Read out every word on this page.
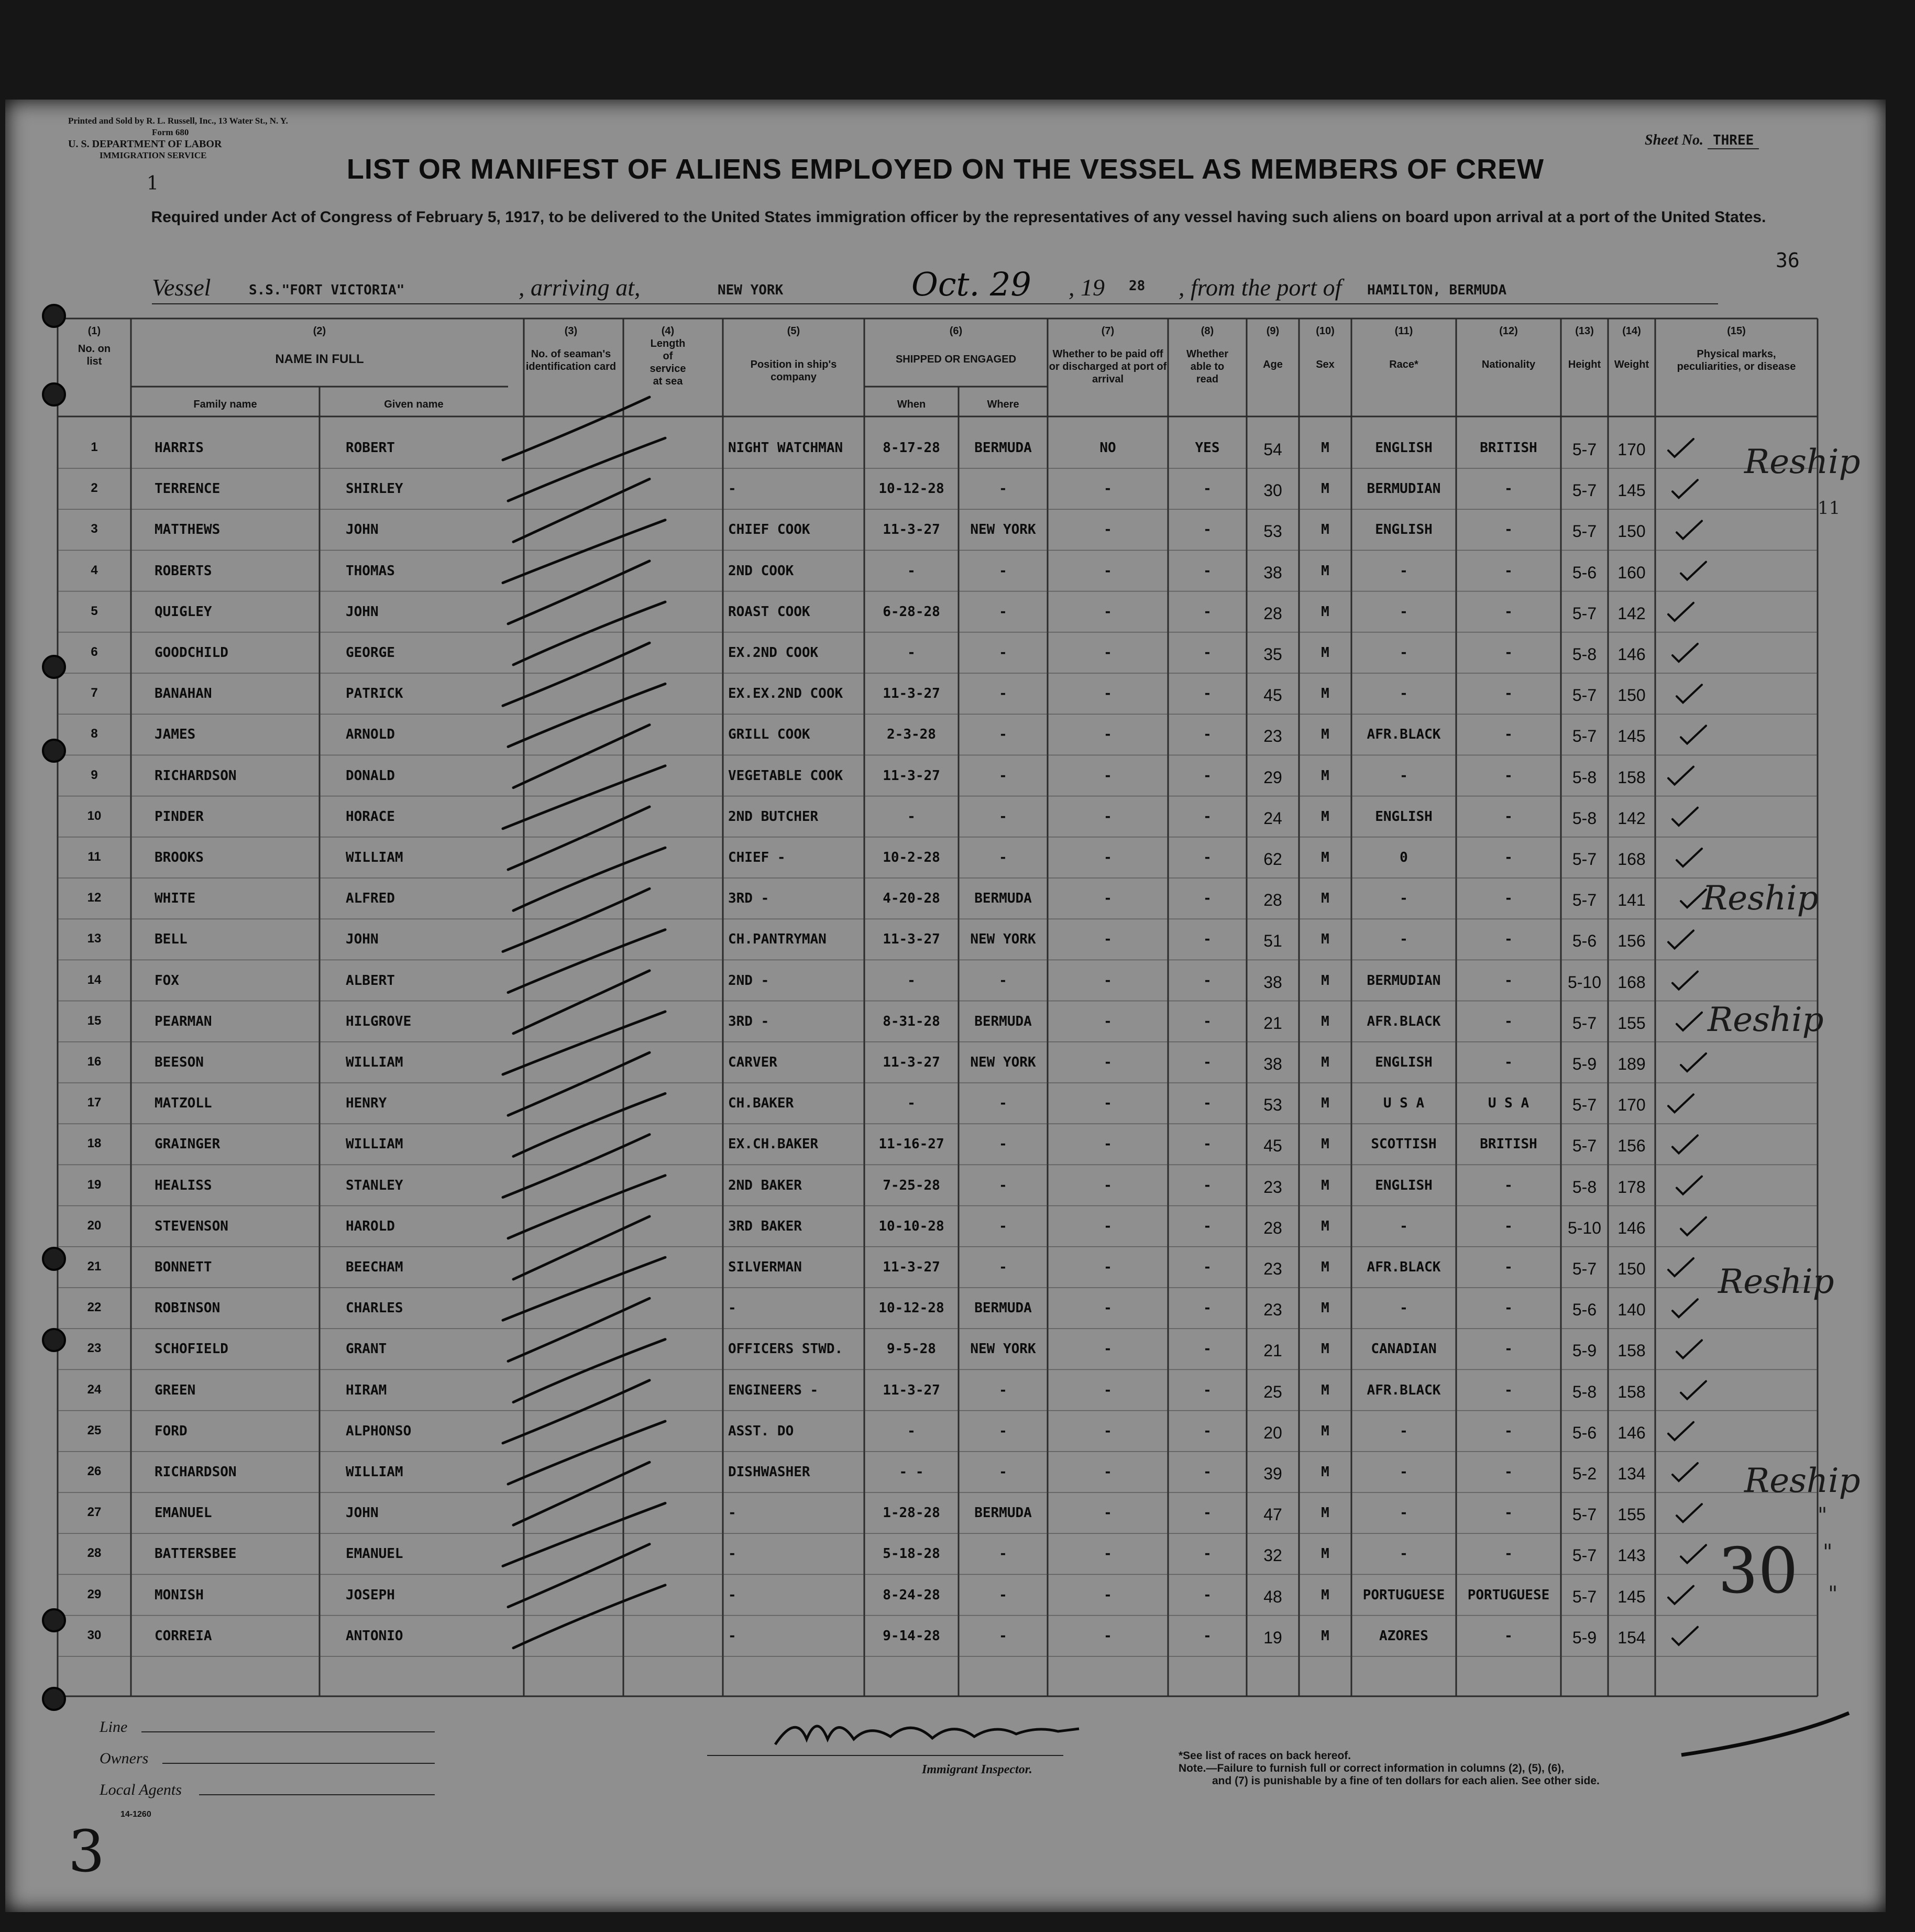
Printed and Sold by R. L. Russell, Inc., 13 Water St., N. Y.
Form 680
U. S. DEPARTMENT OF LABOR
IMMIGRATION SERVICE
1
Sheet No. THREE
LIST OR MANIFEST OF ALIENS EMPLOYED ON THE VESSEL AS MEMBERS OF CREW
Required under Act of Congress of February 5, 1917, to be delivered to the United States immigration officer by the representatives of any vessel having such aliens on board upon arrival at a port of the United States.
36
Vessel	S.S."FORT VICTORIA"	, arriving at,	NEW YORK	Oct. 29 , 19 28 , from the port of HAMILTON, BERMUDA
(1)
No. on list
(2)
NAME IN FULL
Family name	Given name
(3)
No. of seaman's identification card
(4)
Length of service at sea
(5)
Position in ship's company
(6)
SHIPPED OR ENGAGED
When	Where
(7)
Whether to be paid off or discharged at port of arrival
(8)
Whether able to read
(9)
Age
(10)
Sex
(11)
Race*
(12)
Nationality
(13)
Height
(14)
Weight
(15)
Physical marks, peculiarities, or disease
1	HARRIS	ROBERT	NIGHT WATCHMAN	8-17-28	BERMUDA	NO	YES	54	M	ENGLISH	BRITISH	5-7	170
2	TERRENCE	SHIRLEY	-	10-12-28	-	-	-	30	M	BERMUDIAN	-	5-7	145
3	MATTHEWS	JOHN	CHIEF COOK	11-3-27	NEW YORK	-	-	53	M	ENGLISH	-	5-7	150
4	ROBERTS	THOMAS	2ND COOK	-	-	-	-	38	M	-	-	5-6	160
5	QUIGLEY	JOHN	ROAST COOK	6-28-28	-	-	-	28	M	-	-	5-7	142
6	GOODCHILD	GEORGE	EX.2ND COOK	-	-	-	-	35	M	-	-	5-8	146
7	BANAHAN	PATRICK	EX.EX.2ND COOK	11-3-27	-	-	-	45	M	-	-	5-7	150
8	JAMES	ARNOLD	GRILL COOK	2-3-28	-	-	-	23	M	AFR.BLACK	-	5-7	145
9	RICHARDSON	DONALD	VEGETABLE COOK	11-3-27	-	-	-	29	M	-	-	5-8	158
10	PINDER	HORACE	2ND BUTCHER	-	-	-	-	24	M	ENGLISH	-	5-8	142
11	BROOKS	WILLIAM	CHIEF -	10-2-28	-	-	-	62	M	0	-	5-7	168
12	WHITE	ALFRED	3RD -	4-20-28	BERMUDA	-	-	28	M	-	-	5-7	141
13	BELL	JOHN	CH.PANTRYMAN	11-3-27	NEW YORK	-	-	51	M	-	-	5-6	156
14	FOX	ALBERT	2ND -	-	-	-	-	38	M	BERMUDIAN	-	5-10 168
15	PEARMAN	HILGROVE	3RD -	8-31-28	BERMUDA	-	-	21	M	AFR.BLACK	-	5-7	155
16	BEESON	WILLIAM	CARVER	11-3-27	NEW YORK	-	-	38	M	ENGLISH	-	5-9	189
17	MATZOLL	HENRY	CH.BAKER	-	-	-	-	53	M	U S A	U S A	5-7	170
18	GRAINGER	WILLIAM	EX.CH.BAKER	11-16-27	-	-	-	45	M	SCOTTISH	BRITISH	5-7	156
19	HEALISS	STANLEY	2ND BAKER	7-25-28	-	-	-	23	M	ENGLISH	-	5-8	178
20	STEVENSON	HAROLD	3RD BAKER	10-10-28	-	-	-	28	M	-	-	5-10 146
21	BONNETT	BEECHAM	SILVERMAN	11-3-27	-	-	-	23	M	AFR.BLACK	-	5-7	150
22	ROBINSON	CHARLES	-	10-12-28	BERMUDA	-	-	23	M	-	-	5-6	140
23	SCHOFIELD	GRANT	OFFICERS STWD.	9-5-28	NEW YORK	-	-	21	M	CANADIAN	-	5-9	158
24	GREEN	HIRAM	ENGINEERS -	11-3-27	-	-	-	25	M	AFR.BLACK	-	5-8	158
25	FORD	ALPHONSO	ASST. DO	-	-	-	-	20	M	-	-	5-6	146
26	RICHARDSON	WILLIAM	DISHWASHER	- -	-	-	-	39	M	-	-	5-2	134
27	EMANUEL	JOHN	-	1-28-28	BERMUDA	-	-	47	M	-	-	5-7	155
28	BATTERSBEE	EMANUEL	-	5-18-28	-	-	-	32	M	-	-	5-7	143
29	MONISH	JOSEPH	-	8-24-28	-	-	-	48	M	PORTUGUESE	PORTUGUESE	5-7	145
30	CORREIA	ANTONIO	-	9-14-28	-	-	-	19	M	AZORES	-	5-9	154
Reship
11
Reship
Reship
Reship
Reship
"
"
30 "
Line
Owners
Local Agents
14-1260
Immigrant Inspector.
*See list of races on back hereof.
Note.—Failure to furnish full or correct information in columns (2), (5), (6),
and (7) is punishable by a fine of ten dollars for each alien. See other side.
3
